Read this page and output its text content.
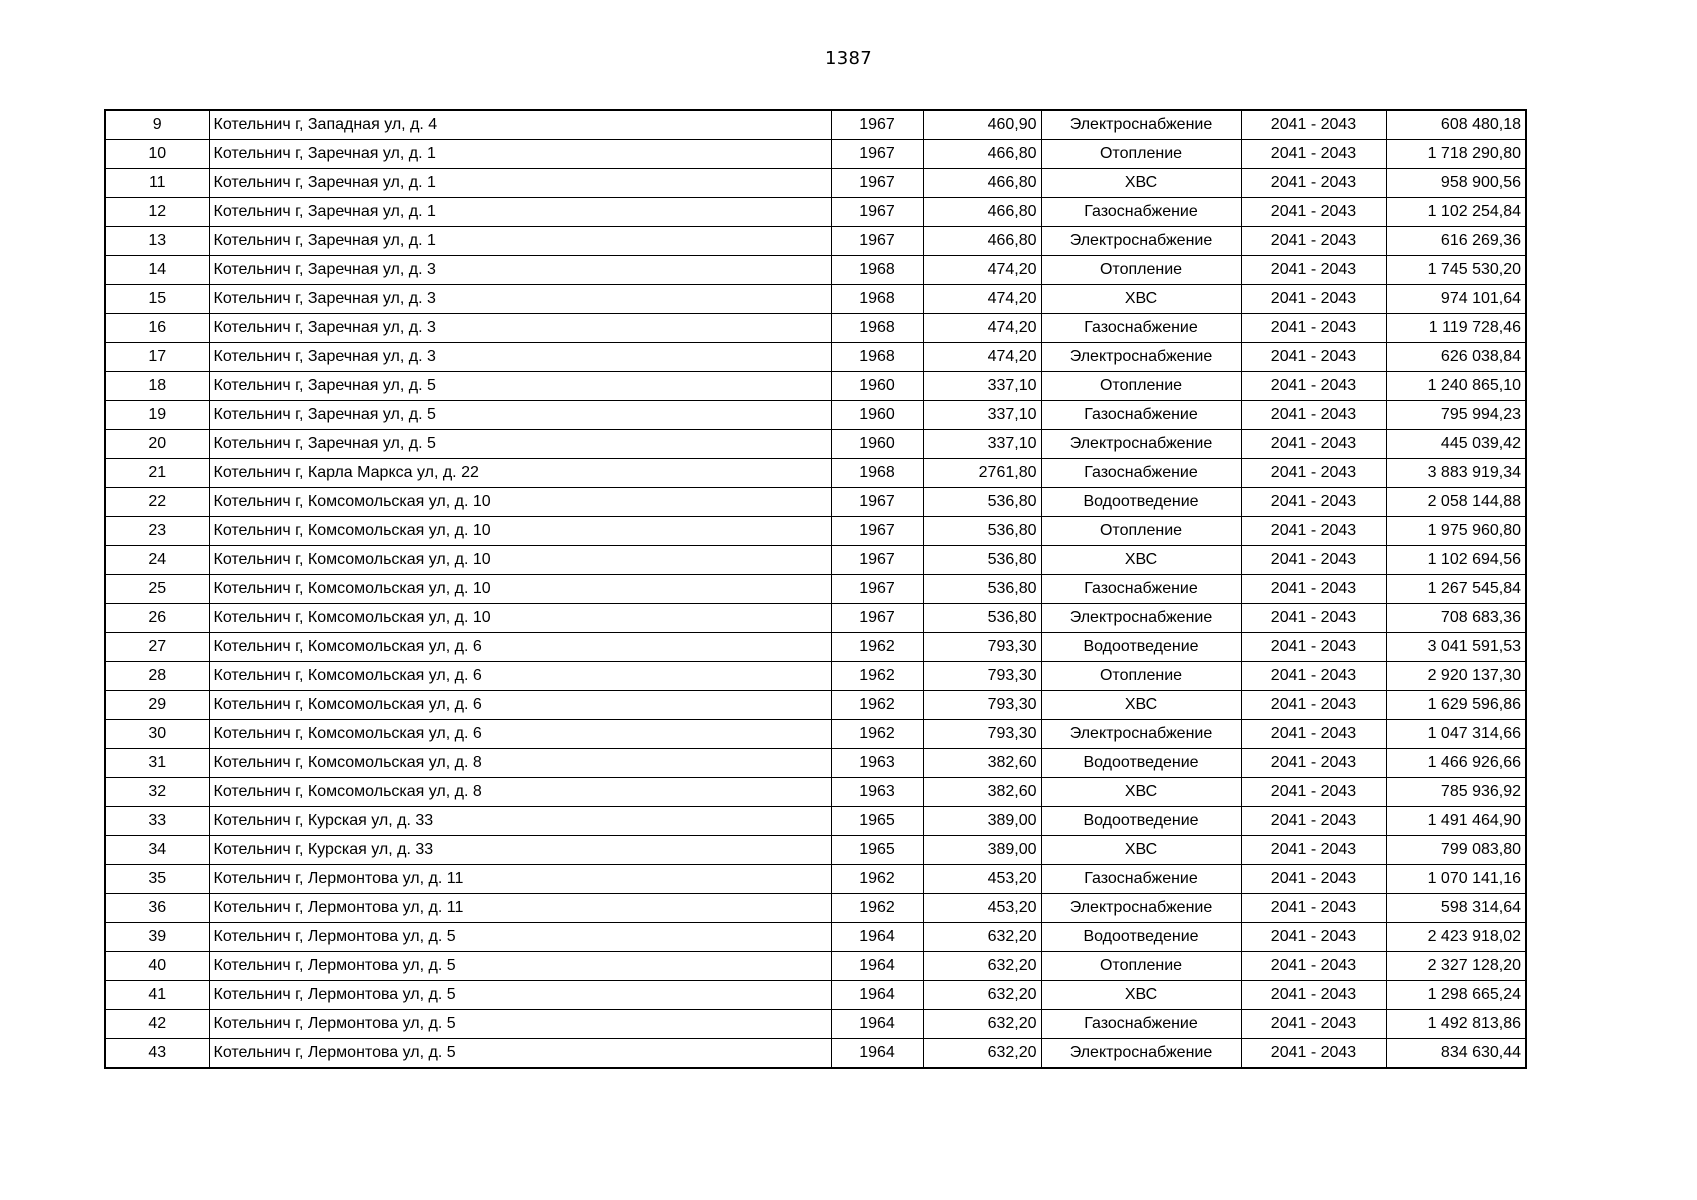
1387
9	Котельнич г, Западная ул, д. 4	1967	460,90	Электроснабжение	2041 - 2043	608 480,18
10	Котельнич г, Заречная ул, д. 1	1967	466,80	Отопление	2041 - 2043	1 718 290,80
11	Котельнич г, Заречная ул, д. 1	1967	466,80	ХВС	2041 - 2043	958 900,56
12	Котельнич г, Заречная ул, д. 1	1967	466,80	Газоснабжение	2041 - 2043	1 102 254,84
13	Котельнич г, Заречная ул, д. 1	1967	466,80	Электроснабжение	2041 - 2043	616 269,36
14	Котельнич г, Заречная ул, д. 3	1968	474,20	Отопление	2041 - 2043	1 745 530,20
15	Котельнич г, Заречная ул, д. 3	1968	474,20	ХВС	2041 - 2043	974 101,64
16	Котельнич г, Заречная ул, д. 3	1968	474,20	Газоснабжение	2041 - 2043	1 119 728,46
17	Котельнич г, Заречная ул, д. 3	1968	474,20	Электроснабжение	2041 - 2043	626 038,84
18	Котельнич г, Заречная ул, д. 5	1960	337,10	Отопление	2041 - 2043	1 240 865,10
19	Котельнич г, Заречная ул, д. 5	1960	337,10	Газоснабжение	2041 - 2043	795 994,23
20	Котельнич г, Заречная ул, д. 5	1960	337,10	Электроснабжение	2041 - 2043	445 039,42
21	Котельнич г, Карла Маркса ул, д. 22	1968	2761,80	Газоснабжение	2041 - 2043	3 883 919,34
22	Котельнич г, Комсомольская ул, д. 10	1967	536,80	Водоотведение	2041 - 2043	2 058 144,88
23	Котельнич г, Комсомольская ул, д. 10	1967	536,80	Отопление	2041 - 2043	1 975 960,80
24	Котельнич г, Комсомольская ул, д. 10	1967	536,80	ХВС	2041 - 2043	1 102 694,56
25	Котельнич г, Комсомольская ул, д. 10	1967	536,80	Газоснабжение	2041 - 2043	1 267 545,84
26	Котельнич г, Комсомольская ул, д. 10	1967	536,80	Электроснабжение	2041 - 2043	708 683,36
27	Котельнич г, Комсомольская ул, д. 6	1962	793,30	Водоотведение	2041 - 2043	3 041 591,53
28	Котельнич г, Комсомольская ул, д. 6	1962	793,30	Отопление	2041 - 2043	2 920 137,30
29	Котельнич г, Комсомольская ул, д. 6	1962	793,30	ХВС	2041 - 2043	1 629 596,86
30	Котельнич г, Комсомольская ул, д. 6	1962	793,30	Электроснабжение	2041 - 2043	1 047 314,66
31	Котельнич г, Комсомольская ул, д. 8	1963	382,60	Водоотведение	2041 - 2043	1 466 926,66
32	Котельнич г, Комсомольская ул, д. 8	1963	382,60	ХВС	2041 - 2043	785 936,92
33	Котельнич г, Курская ул, д. 33	1965	389,00	Водоотведение	2041 - 2043	1 491 464,90
34	Котельнич г, Курская ул, д. 33	1965	389,00	ХВС	2041 - 2043	799 083,80
35	Котельнич г, Лермонтова ул, д. 11	1962	453,20	Газоснабжение	2041 - 2043	1 070 141,16
36	Котельнич г, Лермонтова ул, д. 11	1962	453,20	Электроснабжение	2041 - 2043	598 314,64
39	Котельнич г, Лермонтова ул, д. 5	1964	632,20	Водоотведение	2041 - 2043	2 423 918,02
40	Котельнич г, Лермонтова ул, д. 5	1964	632,20	Отопление	2041 - 2043	2 327 128,20
41	Котельнич г, Лермонтова ул, д. 5	1964	632,20	ХВС	2041 - 2043	1 298 665,24
42	Котельнич г, Лермонтова ул, д. 5	1964	632,20	Газоснабжение	2041 - 2043	1 492 813,86
43	Котельнич г, Лермонтова ул, д. 5	1964	632,20	Электроснабжение	2041 - 2043	834 630,44
